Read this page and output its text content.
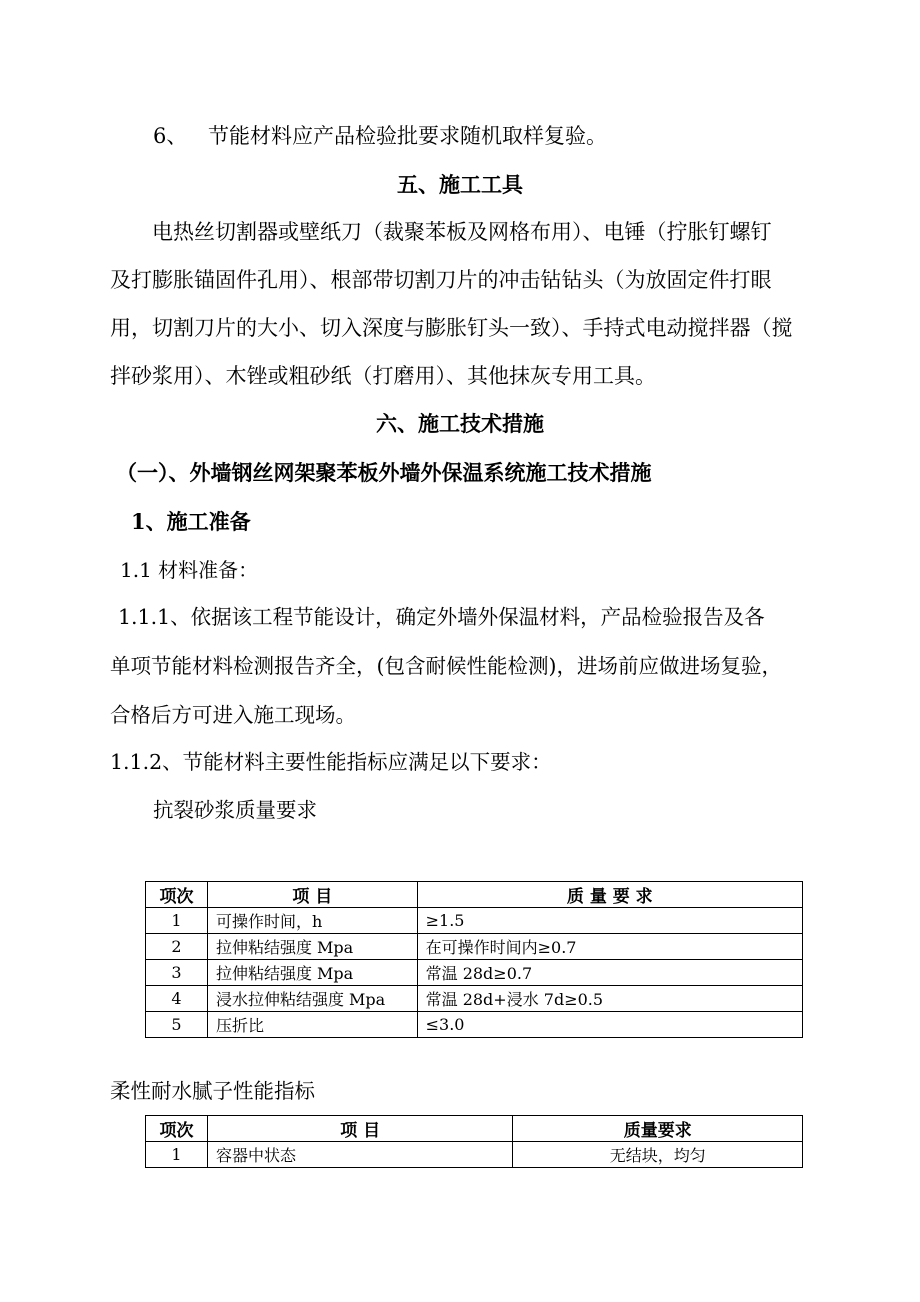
6、 节能材料应产品检验批要求随机取样复验。
五、施工工具
电热丝切割器或壁纸刀（裁聚苯板及网格布用）、电锤（拧胀钉螺钉
及打膨胀锚固件孔用）、根部带切割刀片的冲击钻钻头（为放固定件打眼
用，切割刀片的大小、切入深度与膨胀钉头一致）、手持式电动搅拌器（搅
拌砂浆用）、木锉或粗砂纸（打磨用）、其他抹灰专用工具。
六、施工技术措施
（一）、外墙钢丝网架聚苯板外墙外保温系统施工技术措施
1、施工准备
1.1 材料准备：
1.1.1、依据该工程节能设计，确定外墙外保温材料，产品检验报告及各
单项节能材料检测报告齐全，(包含耐候性能检测)，进场前应做进场复验，
合格后方可进入施工现场。
1.1.2、节能材料主要性能指标应满足以下要求：
抗裂砂浆质量要求
项次	项 目	质 量 要 求
1	可操作时间，h	≥1.5
2	拉伸粘结强度 Mpa	在可操作时间内≥0.7
3	拉伸粘结强度 Mpa	常温 28d≥0.7
4	浸水拉伸粘结强度 Mpa	常温 28d+浸水 7d≥0.5
5	压折比	≤3.0
柔性耐水腻子性能指标
项次	项 目	质量要求
1	容器中状态	无结块，均匀
